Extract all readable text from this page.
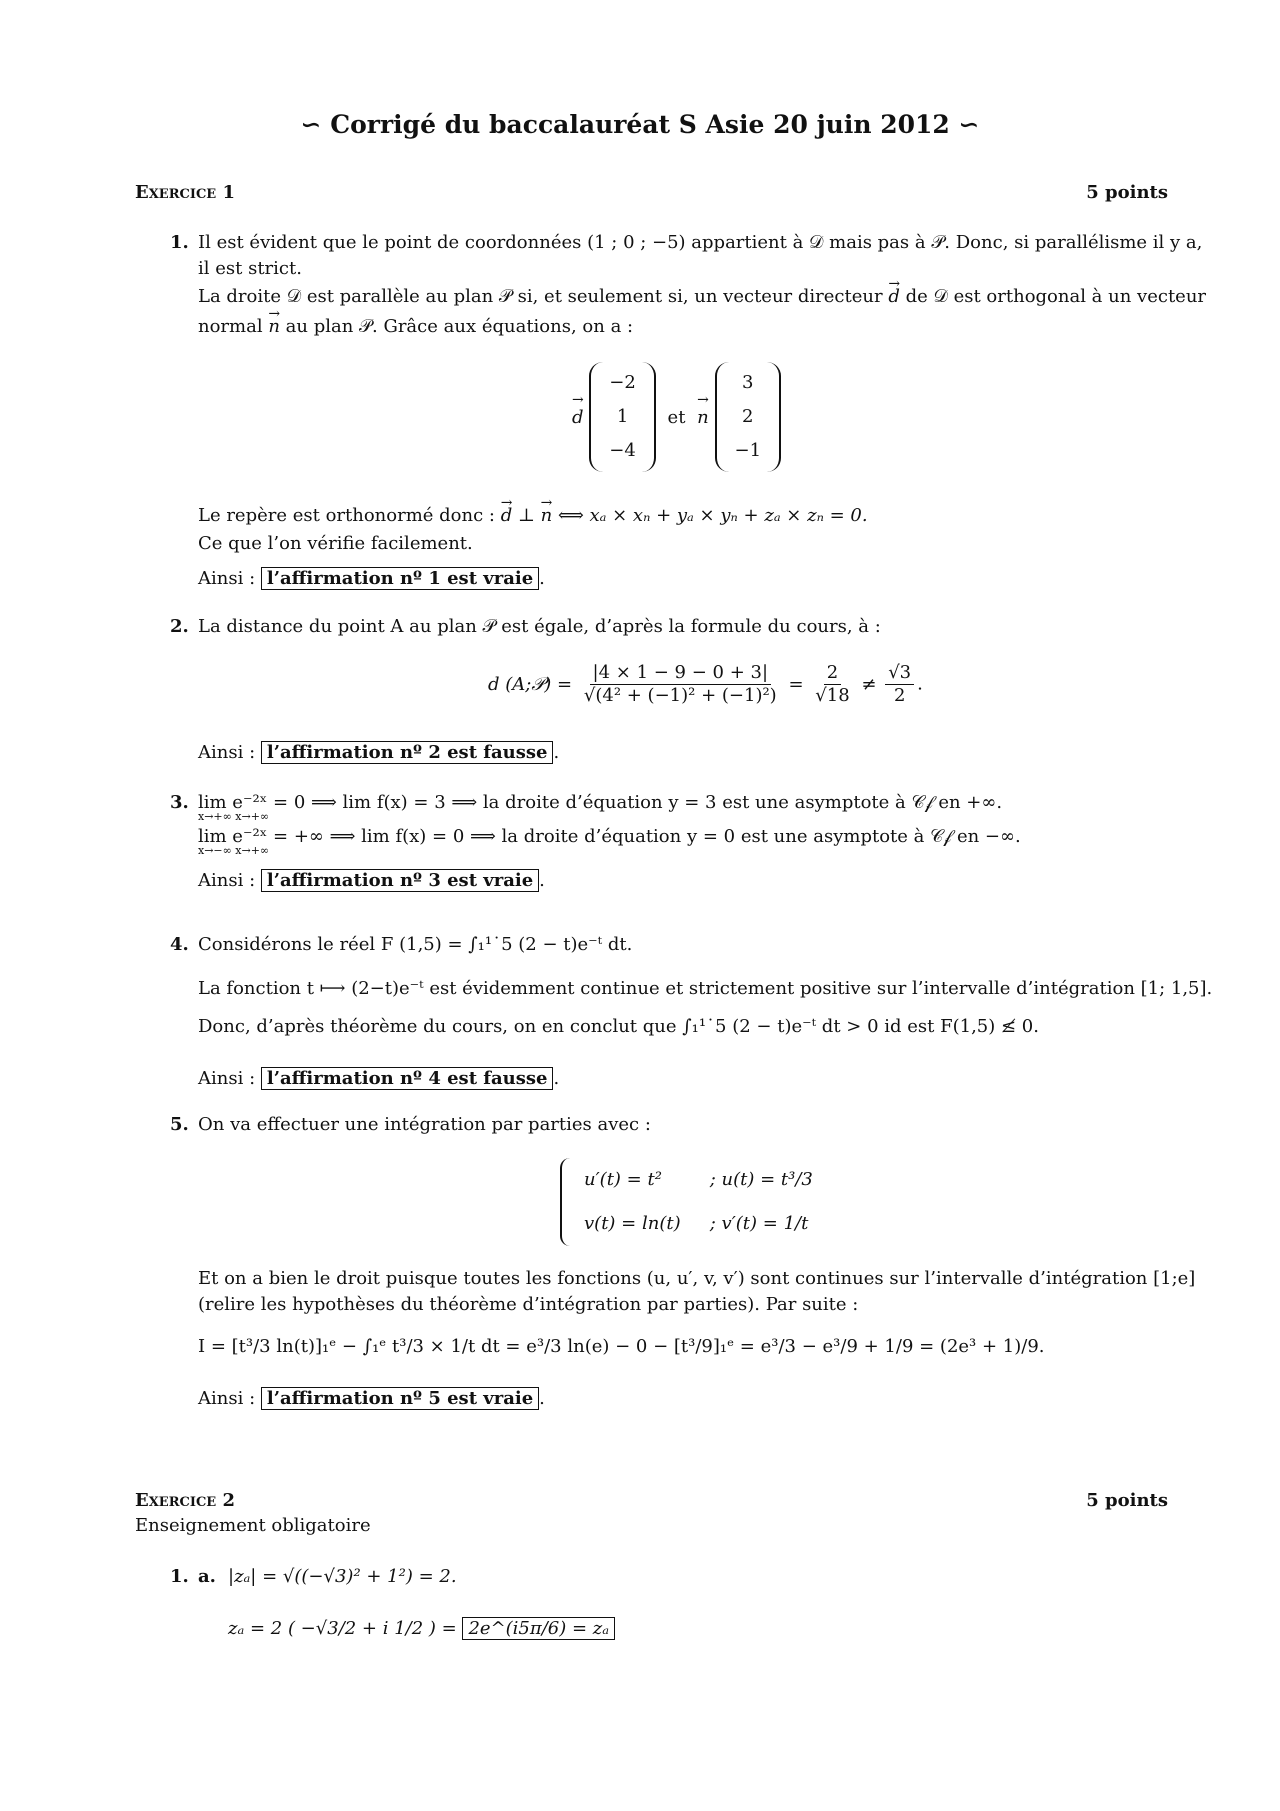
∽ Corrigé du baccalauréat S Asie 20 juin 2012 ∽
Exercice 1	5 points
1. Il est évident que le point de coordonnées (1 ; 0 ; −5) appartient à 𝒟 mais pas à 𝒫. Donc, si parallélisme il y a,
il est strict.
La droite 𝒟 est parallèle au plan 𝒫 si, et seulement si, un vecteur directeur → d de 𝒟 est orthogonal à un vecteur
normal → n au plan 𝒫. Grâce aux équations, on a :
→ d
−2
1
−4
et → n
3
2
−1
Le repère est orthonormé donc : → d ⊥ → n ⟺ xₐ × xₙ + yₐ × yₙ + zₐ × zₙ = 0.
Ce que l’on vérifie facilement.
Ainsi : l’affirmation nº 1 est vraie .
2. La distance du point A au plan 𝒫 est égale, d’après la formule du cours, à :
d (A;𝒫) = $\frac{|4 \times 1 - 9 - 0 + 3|}{\text{√(4² + (−1)² + (−1)²)}} = \frac{2}{√18} \ne \frac{√3}{2}$ .
Ainsi : l’affirmation nº 2 est fausse .
3. lim e⁻²ˣ = 0 ⟹ lim f(x) = 3 ⟹ la droite d’équation y = 3 est une asymptote à 𝒞𝒻 en +∞.
x→+∞ x→+∞
lim e⁻²ˣ = +∞ ⟹ lim f(x) = 0 ⟹ la droite d’équation y = 0 est une asymptote à 𝒞𝒻 en −∞.
x→−∞ x→+∞
Ainsi : l’affirmation nº 3 est vraie .
4. Considérons le réel F (1,5) = ∫₁¹˙5 (2 − t)e⁻ᵗ dt.
La fonction t ⟼ (2−t)e⁻ᵗ est évidemment continue et strictement positive sur l’intervalle d’intégration [1; 1,5].
Donc, d’après théorème du cours, on en conclut que ∫₁¹˙5 (2 − t)e⁻ᵗ dt > 0 id est F(1,5) ≰ 0.
Ainsi : l’affirmation nº 4 est fausse .
5. On va effectuer une intégration par parties avec :
u′(t) = t²	; u(t) = t³/3
v(t) = ln(t) ; v′(t) = 1/t
Et on a bien le droit puisque toutes les fonctions (u, u′, v, v′) sont continues sur l’intervalle d’intégration [1;e]
(relire les hypothèses du théorème d’intégration par parties). Par suite :
I = [t³/3 ln(t)]₁ᵉ − ∫₁ᵉ t³/3 × 1/t dt = e³/3 ln(e) − 0 − [t³/9]₁ᵉ = e³/3 − e³/9 + 1/9 = (2e³ + 1)/9.
Ainsi : l’affirmation nº 5 est vraie .
Exercice 2	5 points
Enseignement obligatoire
1. a. |zₐ| = √((−√3)² + 1²) = 2.
zₐ = 2 ( −√3/2 + i 1/2 ) = 2e^(i5π/6) = zₐ
